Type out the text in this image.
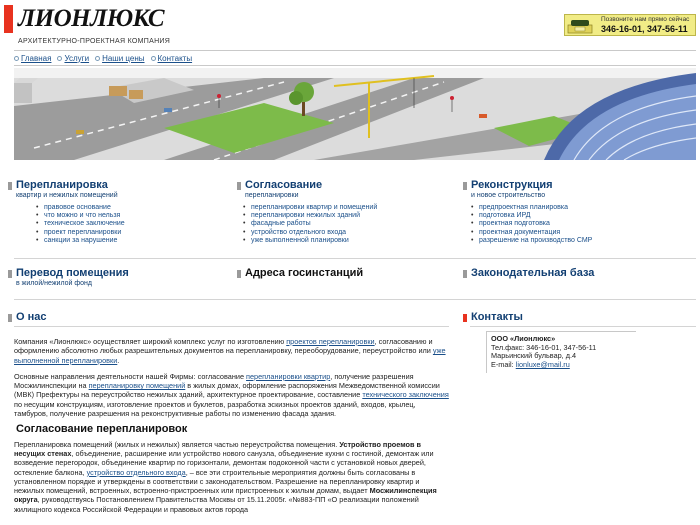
ЛИОНЛЮКС
АРХИТЕКТУРНО-ПРОЕКТНАЯ КОМПАНИЯ
Позвоните нам прямо сейчас
346-16-01, 347-56-11
Главная Услуги Наши цены Контакты
Перепланировка
квартир и нежилых помещений
• правовое основание
• что можно и что нельзя
• техническое заключение
• проект перепланировки
• санкции за нарушение
Согласование
перепланировки
• перепланировки квартир и помещений
• перепланировки нежилых зданий
• фасадные работы
• устройство отдельного входа
• уже выполненной планировки
Реконструкция
и новое строительство
• предпроектная планировка
• подготовка ИРД
• проектная подготовка
• проектная документация
• разрешение на производство СМР
Перевод помещения
в жилой/нежилой фонд
Адреса госинстанций	Законодательная база
О нас	Контакты

Компания «Лионлюкс» осуществляет широкий комплекс услуг по изготовлению проектов перепланировки, согласованию и оформлению абсолютно любых разрешительных документов на перепланировку, переоборудование, переустройство или уже выполненной перепланировки.

Основные направления деятельности нашей Фирмы: согласование перепланировки квартир, получение разрешения Мосжилинспекции на перепланировку помещений в жилых домах, оформление распоряжения Межведомственной комиссии (МВК) Префектуры на переустройство нежилых зданий, архитектурное проектирование, составление технического заключения по несущим конструкциям, изготовление проектов и буклетов, разработка эскизных проектов зданий, входов, крылец, тамбуров, получение разрешения на реконструктивные работы по изменению фасада здания.

Согласование перепланировок

Перепланировка помещений (жилых и нежилых) является частью переустройства помещения. Устройство проемов в несущих стенах, объединение, расширение или устройство нового санузла, объединение кухни с гостиной, демонтаж или возведение перегородок, объединение квартир по горизонтали, демонтаж подоконной части с установкой новых дверей, остекление балкона, устройство отдельного входа, – все эти строительные мероприятия должны быть согласованы в установленном порядке и утверждены в соответствии с законодательством. Разрешение на перепланировку квартир и нежилых помещений, встроенных, встроенно-пристроенных или пристроенных к жилым домам, выдает Мосжилинспекция округа, руководствуясь Постановлением Правительства Москвы от 15.11.2005г. «№883-ПП «О реализации положений жилищного кодекса Российской Федерации и правовых актов города

ООО «Лионлюкс»
Тел.факс: 346-16-01, 347-56-11
Марьинский бульвар, д.4
E-mail: lionluxe@mail.ru
